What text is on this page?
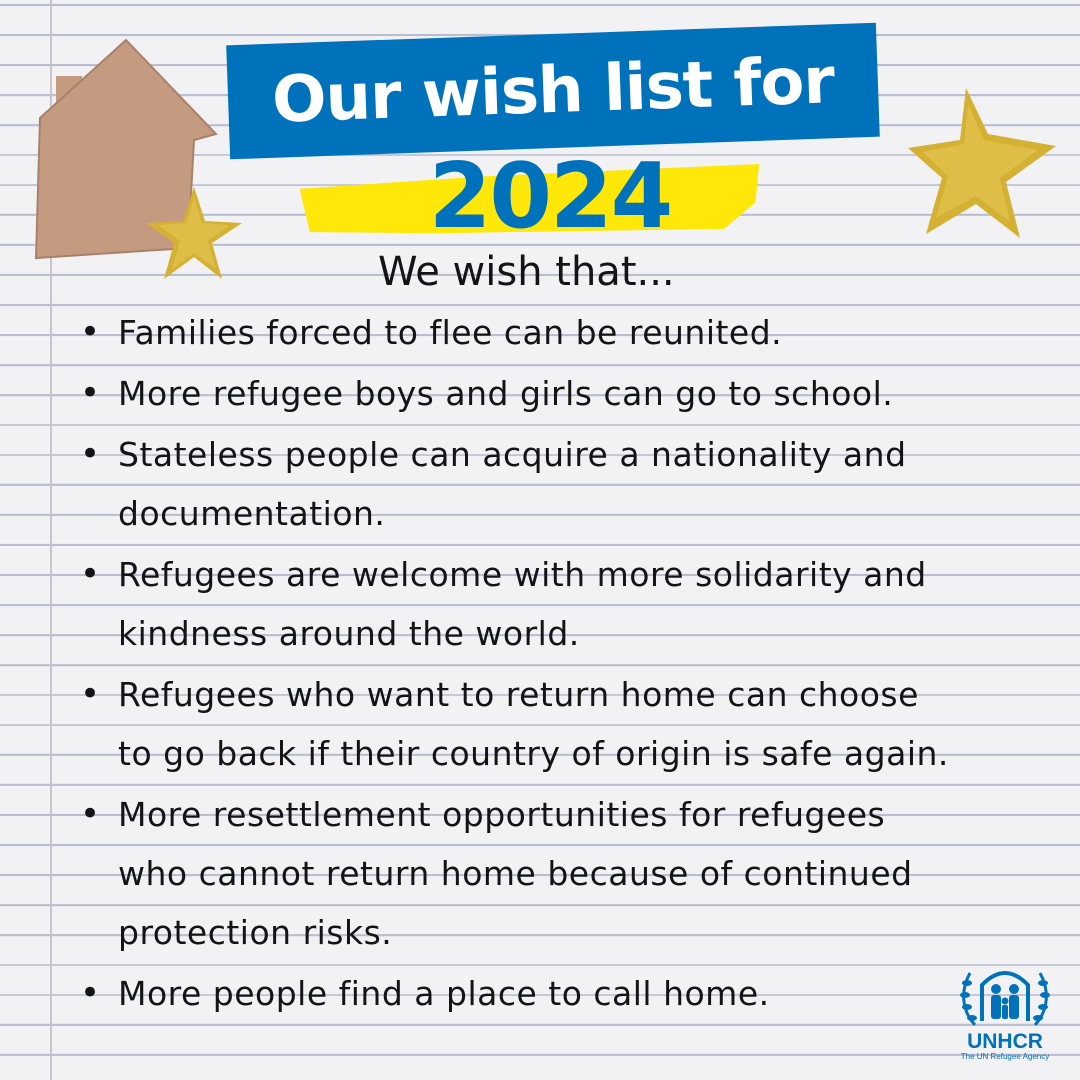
Our wish list for
2024
We wish that...
• Families forced to flee can be reunited.
• More refugee boys and girls can go to school.
• Stateless people can acquire a nationality and
documentation.
• Refugees are welcome with more solidarity and
kindness around the world.
• Refugees who want to return home can choose
to go back if their country of origin is safe again.
• More resettlement opportunities for refugees
who cannot return home because of continued
protection risks.
• More people find a place to call home.
UNHCR
The UN Refugee Agency
